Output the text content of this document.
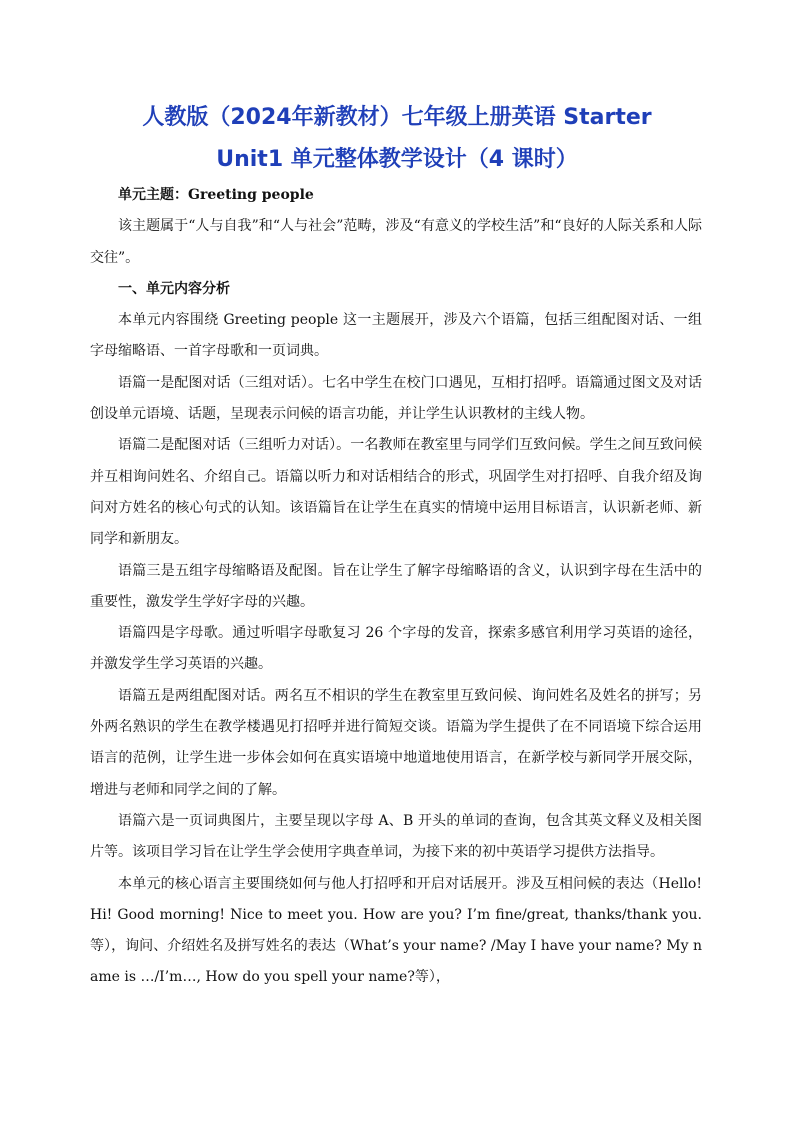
人教版（2024年新教材）七年级上册英语 Starter
Unit1 单元整体教学设计（4 课时）

单元主题：Greeting people

该主题属于“人与自我”和“人与社会”范畴，涉及“有意义的学校生活”和“良好的人际关系和人际交往”。

一、单元内容分析

本单元内容围绕 Greeting people 这一主题展开，涉及六个语篇，包括三组配图对话、一组字母缩略语、一首字母歌和一页词典。

语篇一是配图对话（三组对话）。七名中学生在校门口遇见，互相打招呼。语篇通过图文及对话创设单元语境、话题，呈现表示问候的语言功能，并让学生认识教材的主线人物。

语篇二是配图对话（三组听力对话）。一名教师在教室里与同学们互致问候。学生之间互致问候并互相询问姓名、介绍自己。语篇以听力和对话相结合的形式，巩固学生对打招呼、自我介绍及询问对方姓名的核心句式的认知。该语篇旨在让学生在真实的情境中运用目标语言，认识新老师、新同学和新朋友。

语篇三是五组字母缩略语及配图。旨在让学生了解字母缩略语的含义，认识到字母在生活中的重要性，激发学生学好字母的兴趣。

语篇四是字母歌。通过听唱字母歌复习 26 个字母的发音，探索多感官利用学习英语的途径，并激发学生学习英语的兴趣。

语篇五是两组配图对话。两名互不相识的学生在教室里互致问候、询问姓名及姓名的拼写；另外两名熟识的学生在教学楼遇见打招呼并进行简短交谈。语篇为学生提供了在不同语境下综合运用语言的范例，让学生进一步体会如何在真实语境中地道地使用语言，在新学校与新同学开展交际，增进与老师和同学之间的了解。

语篇六是一页词典图片，主要呈现以字母 A、B 开头的单词的查询，包含其英文释义及相关图片等。该项目学习旨在让学生学会使用字典查单词，为接下来的初中英语学习提供方法指导。

本单元的核心语言主要围绕如何与他人打招呼和开启对话展开。涉及互相问候的表达（Hello! Hi! Good morning! Nice to meet you. How are you? I’m fine/great, thanks/thank you.等），询问、介绍姓名及拼写姓名的表达（What’s your name? /May I have your name? My name is …/I’m…, How do you spell your name?等），
